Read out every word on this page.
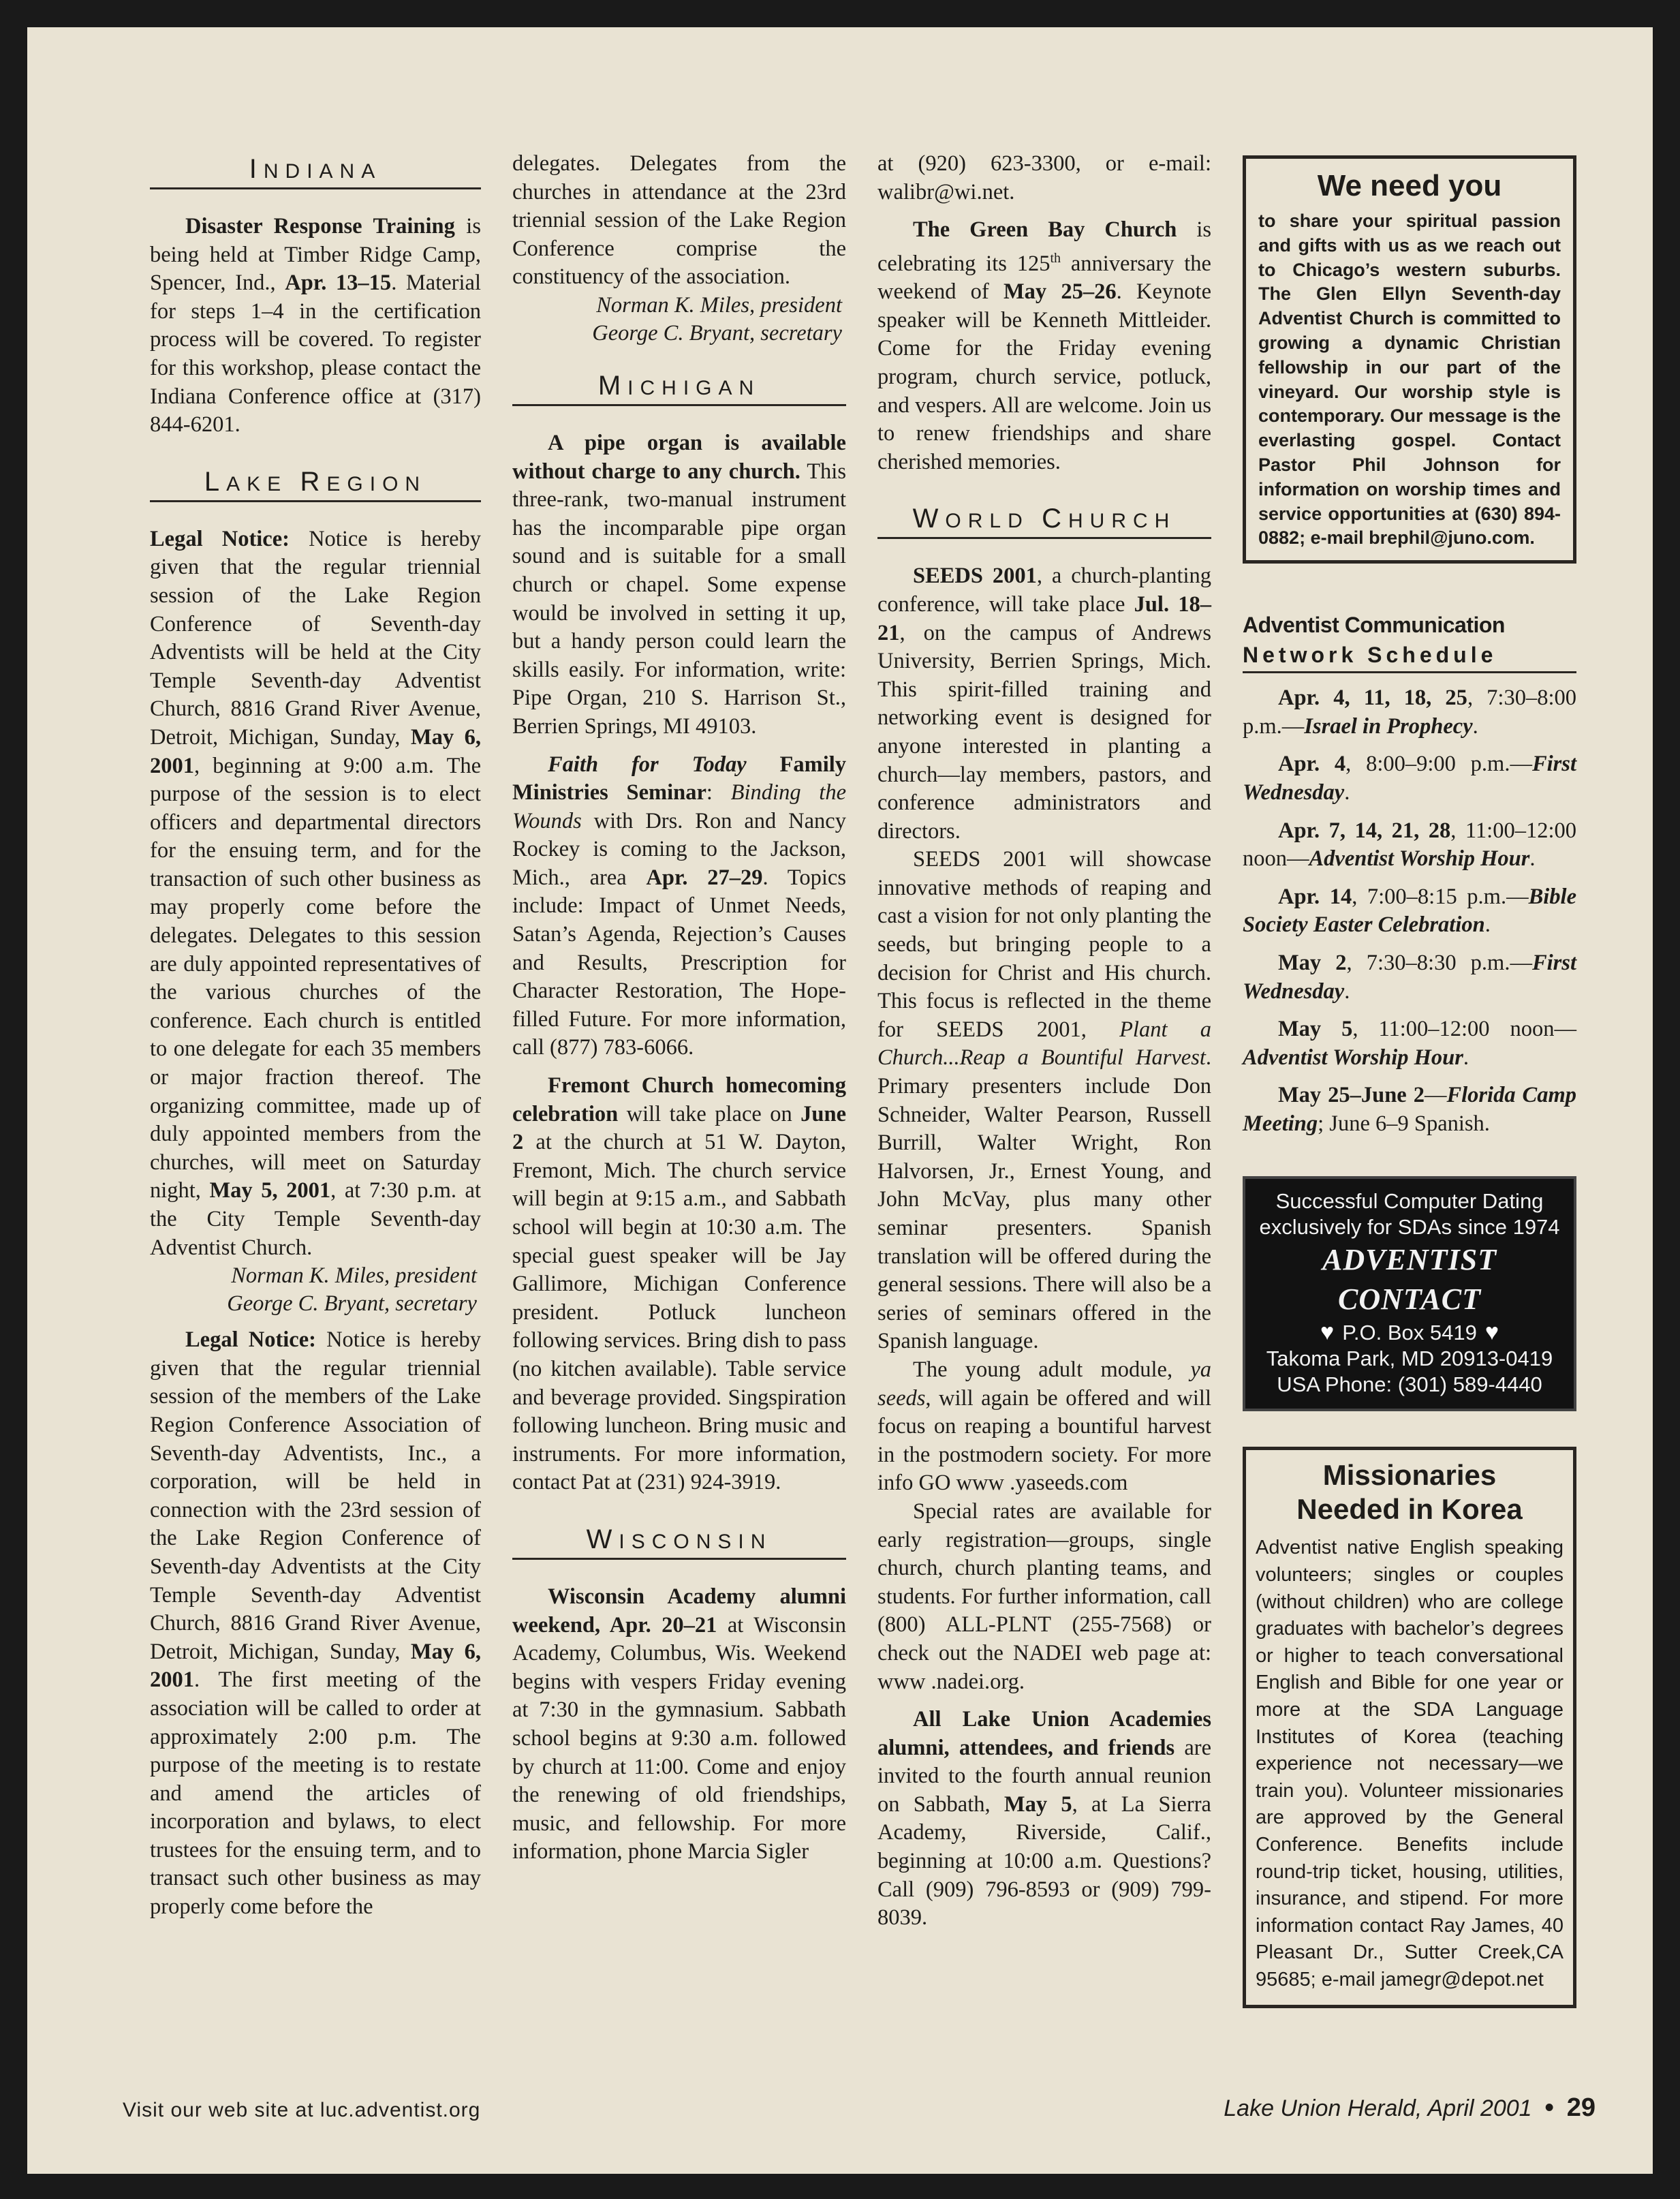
INDIANA

Disaster Response Training is being held at Timber Ridge Camp, Spencer, Ind., Apr. 13–15. Material for steps 1–4 in the certification process will be covered. To register for this workshop, please contact the Indiana Conference office at (317) 844-6201.

LAKE REGION

Legal Notice: Notice is hereby given that the regular triennial session of the Lake Region Conference of Seventh-day Adventists will be held at the City Temple Seventh-day Adventist Church, 8816 Grand River Avenue, Detroit, Michigan, Sunday, May 6, 2001, beginning at 9:00 a.m. The purpose of the session is to elect officers and departmental directors for the ensuing term, and for the transaction of such other business as may properly come before the delegates. Delegates to this session are duly appointed representatives of the various churches of the conference. Each church is entitled to one delegate for each 35 members or major fraction thereof. The organizing committee, made up of duly appointed members from the churches, will meet on Saturday night, May 5, 2001, at 7:30 p.m. at the City Temple Seventh-day Adventist Church.

Norman K. Miles, president
George C. Bryant, secretary

Legal Notice: Notice is hereby given that the regular triennial session of the members of the Lake Region Conference Association of Seventh-day Adventists, Inc., a corporation, will be held in connection with the 23rd session of the Lake Region Conference of Seventh-day Adventists at the City Temple Seventh-day Adventist Church, 8816 Grand River Avenue, Detroit, Michigan, Sunday, May 6, 2001. The first meeting of the association will be called to order at approximately 2:00 p.m. The purpose of the meeting is to restate and amend the articles of incorporation and bylaws, to elect trustees for the ensuing term, and to transact such other business as may properly come before the

delegates. Delegates from the churches in attendance at the 23rd triennial session of the Lake Region Conference comprise the constituency of the association.

Norman K. Miles, president
George C. Bryant, secretary
MICHIGAN

A pipe organ is available without charge to any church. This three-rank, two-manual instrument has the incomparable pipe organ sound and is suitable for a small church or chapel. Some expense would be involved in setting it up, but a handy person could learn the skills easily. For information, write: Pipe Organ, 210 S. Harrison St., Berrien Springs, MI 49103.

Faith for Today Family Ministries Seminar: Binding the Wounds with Drs. Ron and Nancy Rockey is coming to the Jackson, Mich., area Apr. 27–29. Topics include: Impact of Unmet Needs, Satan’s Agenda, Rejection’s Causes and Results, Prescription for Character Restoration, The Hope-filled Future. For more information, call (877) 783-6066.

Fremont Church homecoming celebration will take place on June 2 at the church at 51 W. Dayton, Fremont, Mich. The church service will begin at 9:15 a.m., and Sabbath school will begin at 10:30 a.m. The special guest speaker will be Jay Gallimore, Michigan Conference president. Potluck luncheon following services. Bring dish to pass (no kitchen available). Table service and beverage provided. Singspiration following luncheon. Bring music and instruments. For more information, contact Pat at (231) 924-3919.

WISCONSIN

Wisconsin Academy alumni weekend, Apr. 20–21 at Wisconsin Academy, Columbus, Wis. Weekend begins with vespers Friday evening at 7:30 in the gymnasium. Sabbath school begins at 9:30 a.m. followed by church at 11:00. Come and enjoy the renewing of old friendships, music, and fellowship. For more information, phone Marcia Sigler

at (920) 623-3300, or e-mail: walibr@wi.net.

The Green Bay Church is celebrating its 125th anniversary the weekend of May 25–26. Keynote speaker will be Kenneth Mittleider. Come for the Friday evening program, church service, potluck, and vespers. All are welcome. Join us to renew friendships and share cherished memories.

WORLD CHURCH

SEEDS 2001, a church-planting conference, will take place Jul. 18–21, on the campus of Andrews University, Berrien Springs, Mich. This spirit-filled training and networking event is designed for anyone interested in planting a church—lay members, pastors, and conference administrators and directors.

SEEDS 2001 will showcase innovative methods of reaping and cast a vision for not only planting the seeds, but bringing people to a decision for Christ and His church. This focus is reflected in the theme for SEEDS 2001, Plant a Church...Reap a Bountiful Harvest. Primary presenters include Don Schneider, Walter Pearson, Russell Burrill, Walter Wright, Ron Halvorsen, Jr., Ernest Young, and John McVay, plus many other seminar presenters. Spanish translation will be offered during the general sessions. There will also be a series of seminars offered in the Spanish language.

The young adult module, ya seeds, will again be offered and will focus on reaping a bountiful harvest in the postmodern society. For more info GO www .yaseeds.com

Special rates are available for early registration—groups, single church, church planting teams, and students. For further information, call (800) ALL-PLNT (255-7568) or check out the NADEI web page at: www .nadei.org.

All Lake Union Academies alumni, attendees, and friends are invited to the fourth annual reunion on Sabbath, May 5, at La Sierra Academy, Riverside, Calif., beginning at 10:00 a.m. Questions? Call (909) 796-8593 or (909) 799-8039.

We need you
to share your spiritual passion and gifts with us as we reach out to Chicago’s western suburbs. The Glen Ellyn Seventh-day Adventist Church is committed to growing a dynamic Christian fellowship in our part of the vineyard. Our worship style is contemporary. Our message is the everlasting gospel. Contact Pastor Phil Johnson for information on worship times and service opportunities at (630) 894-0882; e-mail brephil@juno.com.
Adventist Communication
Network Schedule

Apr. 4, 11, 18, 25, 7:30–8:00 p.m.—Israel in Prophecy.

Apr. 4, 8:00–9:00 p.m.—First Wednesday.

Apr. 7, 14, 21, 28, 11:00–12:00 noon—Adventist Worship Hour.

Apr. 14, 7:00–8:15 p.m.—Bible Society Easter Celebration.

May 2, 7:30–8:30 p.m.—First Wednesday.

May 5, 11:00–12:00 noon—Adventist Worship Hour.

May 25–June 2—Florida Camp Meeting; June 6–9 Spanish.

Successful Computer Dating
exclusively for SDAs since 1974
ADVENTIST CONTACT
♥ P.O. Box 5419 ♥
Takoma Park, MD 20913-0419
USA Phone: (301) 589-4440
Missionaries
Needed in Korea
Adventist native English speaking volunteers; singles or couples (without children) who are college graduates with bachelor’s degrees or higher to teach conversational English and Bible for one year or more at the SDA Language Institutes of Korea (teaching experience not necessary—we train you). Volunteer missionaries are approved by the General Conference. Benefits include round-trip ticket, housing, utilities, insurance, and stipend. For more information contact Ray James, 40 Pleasant Dr., Sutter Creek,CA 95685; e-mail jamegr@depot.net
Visit our web site at luc.adventist.org	Lake Union Herald, April 2001 • 29
